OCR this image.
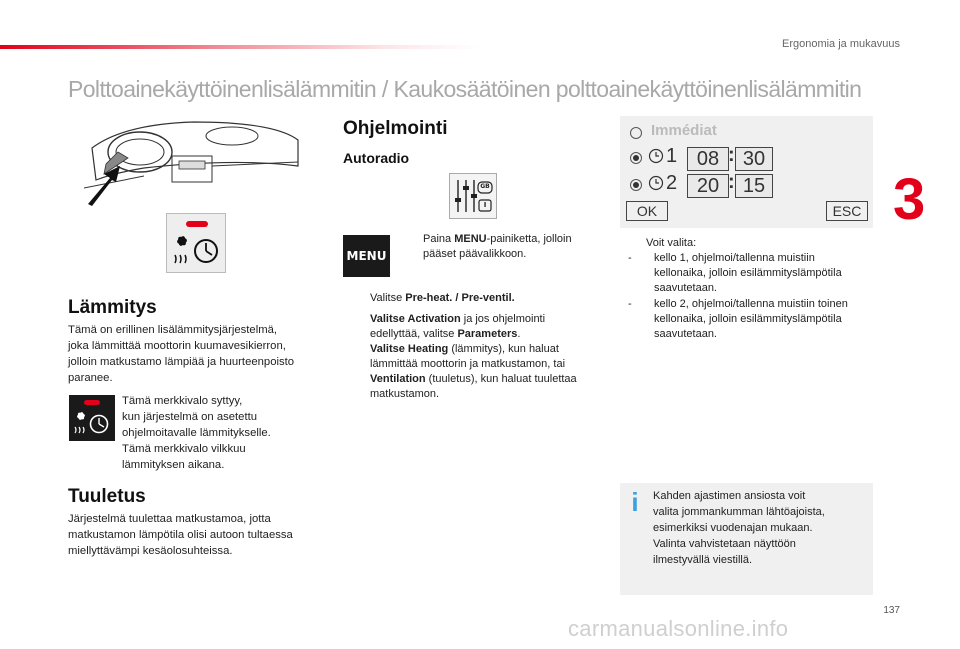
Ergonomia ja mukavuus
3
Polttoainekäyttöinenlisälämmitin / Kaukosäätöinen polttoainekäyttöinenlisälämmitin
Lämmitys
Tämä on erillinen lisälämmitysjärjestelmä,
joka lämmittää moottorin kuumavesikierron,
jolloin matkustamo lämpiää ja huurteenpoisto
paranee.
Tämä merkkivalo syttyy,
kun järjestelmä on asetettu
ohjelmoitavalle lämmitykselle.
Tämä merkkivalo vilkkuu
lämmityksen aikana.
Tuuletus
Järjestelmä tuulettaa matkustamoa, jotta
matkustamon lämpötila olisi autoon tultaessa
miellyttävämpi kesäolosuhteissa.
Ohjelmointi
Autoradio
GB
I
MENU
Paina MENU-painiketta, jolloin
pääset päävalikkoon.
Valitse Pre-heat. / Pre-ventil.
Valitse Activation ja jos ohjelmointi
edellyttää, valitse Parameters.
Valitse Heating (lämmitys), kun haluat
lämmittää moottorin ja matkustamon, tai
Ventilation (tuuletus), kun haluat tuulettaa
matkustamon.
Immédiat
1 08 : 30
2 20 : 15
OK	ESC
Voit valita:
- kello 1, ohjelmoi/tallenna muistiin
kellonaika, jolloin esilämmityslämpötila
saavutetaan.
- kello 2, ohjelmoi/tallenna muistiin toinen
kellonaika, jolloin esilämmityslämpötila
saavutetaan.
i	Kahden ajastimen ansiosta voit
valita jommankumman lähtöajoista,
esimerkiksi vuodenajan mukaan.
Valinta vahvistetaan näyttöön
ilmestyvällä viestillä.
137
carmanualsonline.info
